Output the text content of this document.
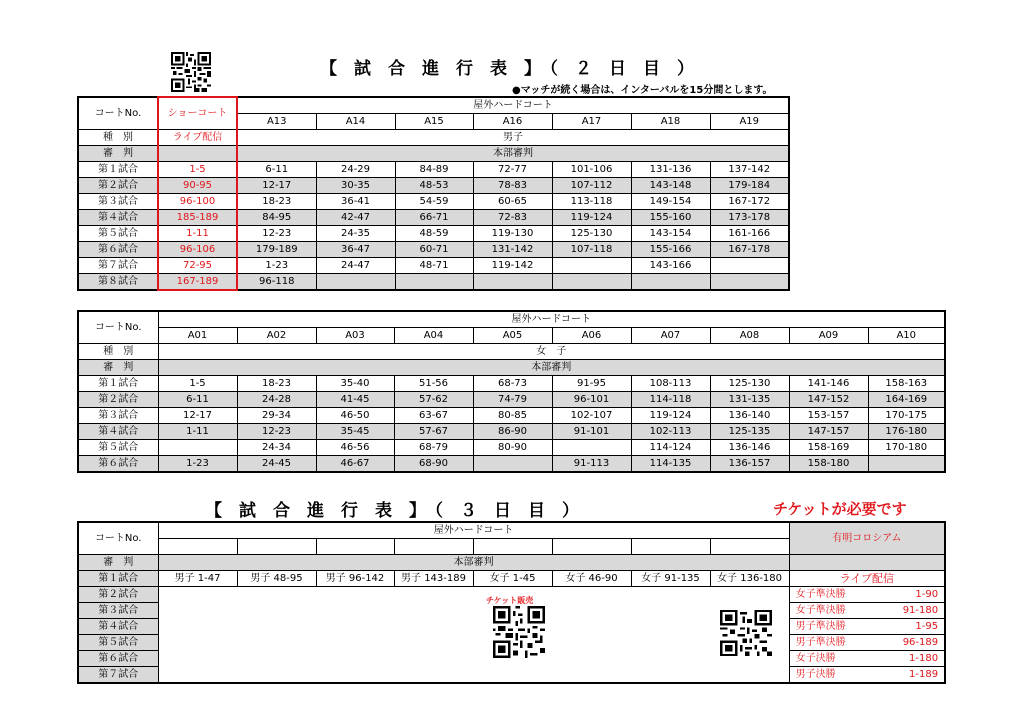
【　試　合　進　行　表　】　（　２　日　目　）
●マッチが続く場合は、インターバルを15分間とします。
コートNo.	ショーコート	屋外ハードコート						
		A13	A14	A15	A16	A17	A18	A19
種　別	ライブ配信	男子						
審　判		本部審判						
第１試合	1-5	6-11	24-29	84-89	72-77	101-106	131-136	137-142
第２試合	90-95	12-17	30-35	48-53	78-83	107-112	143-148	179-184
第３試合	96-100	18-23	36-41	54-59	60-65	113-118	149-154	167-172
第４試合	185-189	84-95	42-47	66-71	72-83	119-124	155-160	173-178
第５試合	1-11	12-23	24-35	48-59	119-130	125-130	143-154	161-166
第６試合	96-106	179-189	36-47	60-71	131-142	107-118	155-166	167-178
第７試合	72-95	1-23	24-47	48-71	119-142		143-166	
第８試合	167-189	96-118						
コートNo.	屋外ハードコート									
	A01	A02	A03	A04	A05	A06	A07	A08	A09	A10
種　別	女　子									
審　判	本部審判									
第１試合	1-5	18-23	35-40	51-56	68-73	91-95	108-113	125-130	141-146	158-163
第２試合	6-11	24-28	41-45	57-62	74-79	96-101	114-118	131-135	147-152	164-169
第３試合	12-17	29-34	46-50	63-67	80-85	102-107	119-124	136-140	153-157	170-175
第４試合	1-11	12-23	35-45	57-67	86-90	91-101	102-113	125-135	147-157	176-180
第５試合		24-34	46-56	68-79	80-90		114-124	136-146	158-169	170-180
第６試合	1-23	24-45	46-67	68-90		91-113	114-135	136-157	158-180	
【　試　合　進　行　表　】　（　３　日　目　）	チケットが必要です
コートNo.	屋外ハードコート								有明コロシアム

審　判	本部審判								
第１試合	男子 1-47	男子 48-95	男子 96-142	男子 143-189	女子 1-45	女子 46-90	女子 91-135	女子 136-180	ライブ配信
第２試合									女子準決勝 1-90

第３試合									女子準決勝 91-180

第４試合									男子準決勝 1-95

第５試合									男子準決勝 96-189

第６試合									女子決勝 1-180

第７試合									男子決勝 1-189
チケット販売
